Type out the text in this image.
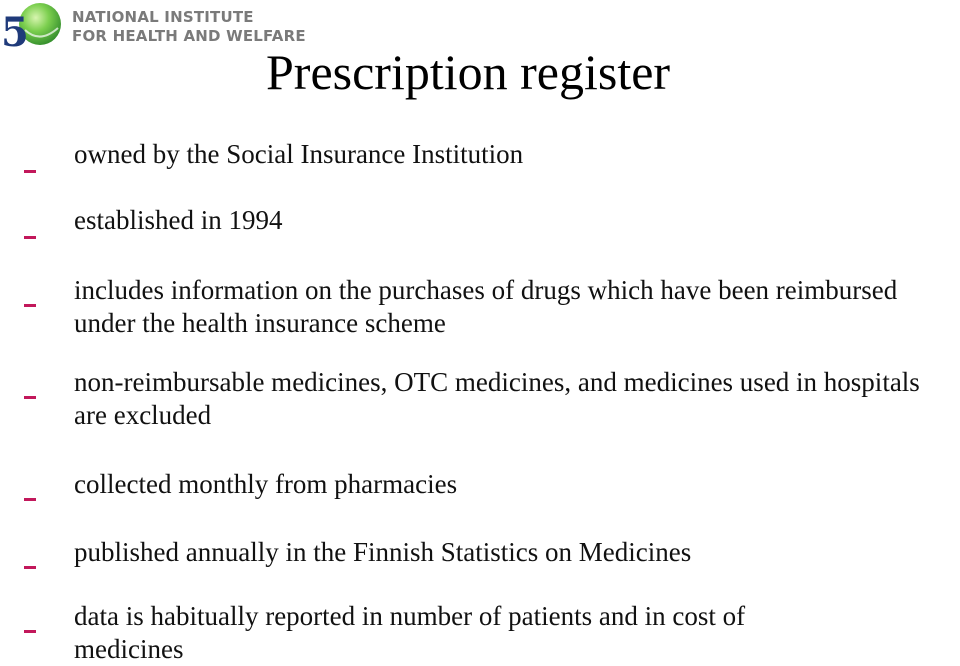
5	NATIONAL INSTITUTE
FOR HEALTH AND WELFARE
Prescription register
owned by the Social Insurance Institution
established in 1994
includes information on the purchases of drugs which have been reimbursed under the health insurance scheme
non-reimbursable medicines, OTC medicines, and medicines used in hospitals are excluded
collected monthly from pharmacies
published annually in the Finnish Statistics on Medicines
data is habitually reported in number of patients and in cost of medicines
